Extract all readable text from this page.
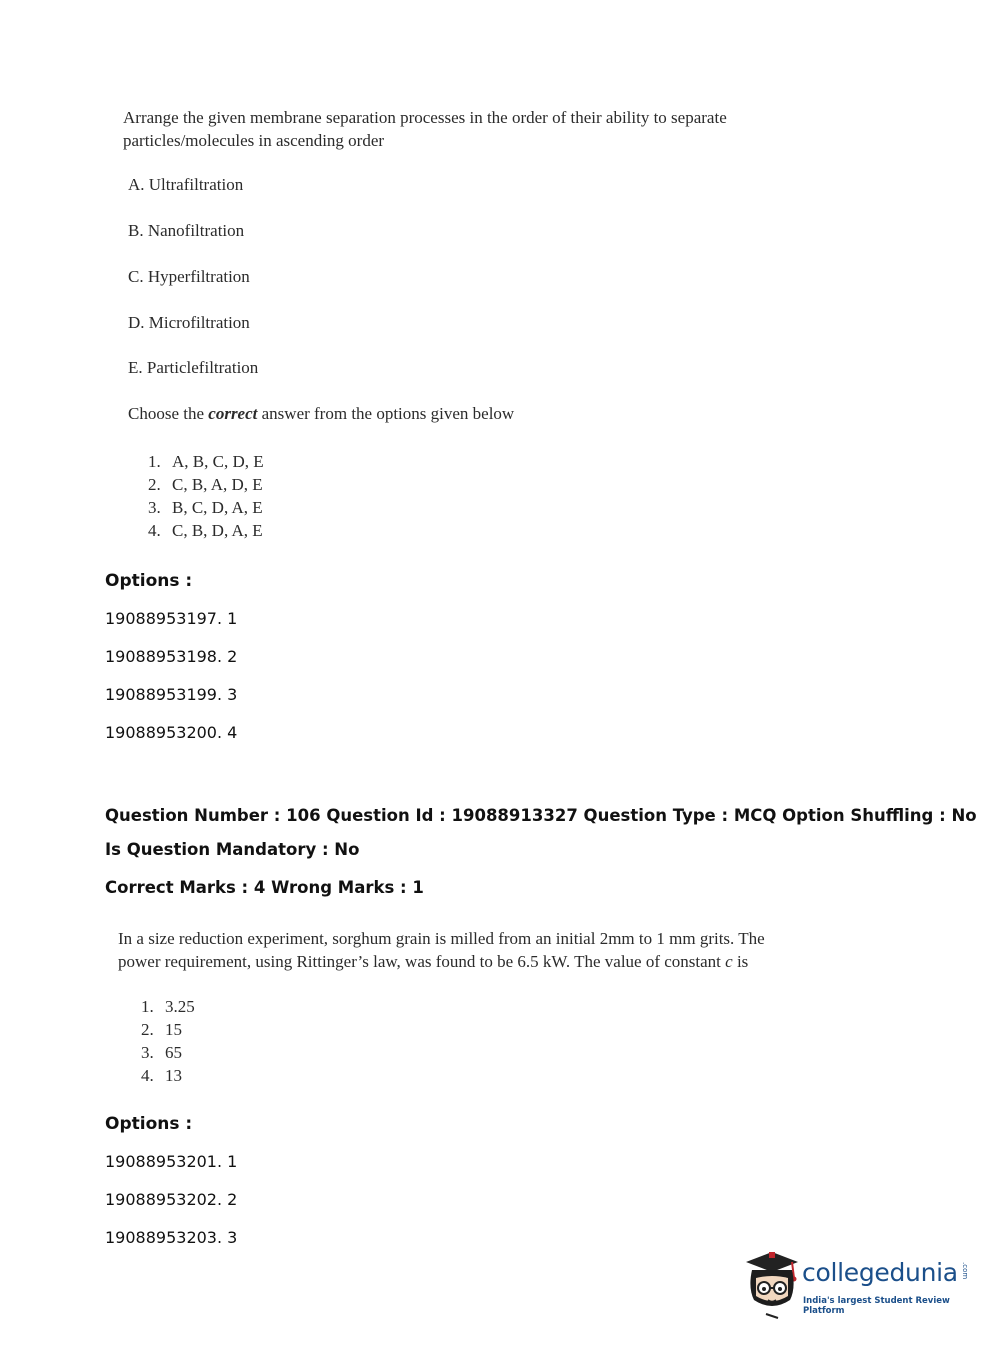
Arrange the given membrane separation processes in the order of their ability to separate
particles/molecules in ascending order
A. Ultrafiltration
B. Nanofiltration
C. Hyperfiltration
D. Microfiltration
E. Particlefiltration
Choose the correct answer from the options given below
1. A, B, C, D, E
2. C, B, A, D, E
3. B, C, D, A, E
4. C, B, D, A, E
Options :
19088953197. 1
19088953198. 2
19088953199. 3
19088953200. 4
Question Number : 106 Question Id : 19088913327 Question Type : MCQ Option Shuffling : No
Is Question Mandatory : No
Correct Marks : 4 Wrong Marks : 1
In a size reduction experiment, sorghum grain is milled from an initial 2mm to 1 mm grits. The
power requirement, using Rittinger’s law, was found to be 6.5 kW. The value of constant c is
1. 3.25
2. 15
3. 65
4. 13
Options :
19088953201. 1
19088953202. 2
19088953203. 3
collegedunia .com
India's largest Student Review Platform
